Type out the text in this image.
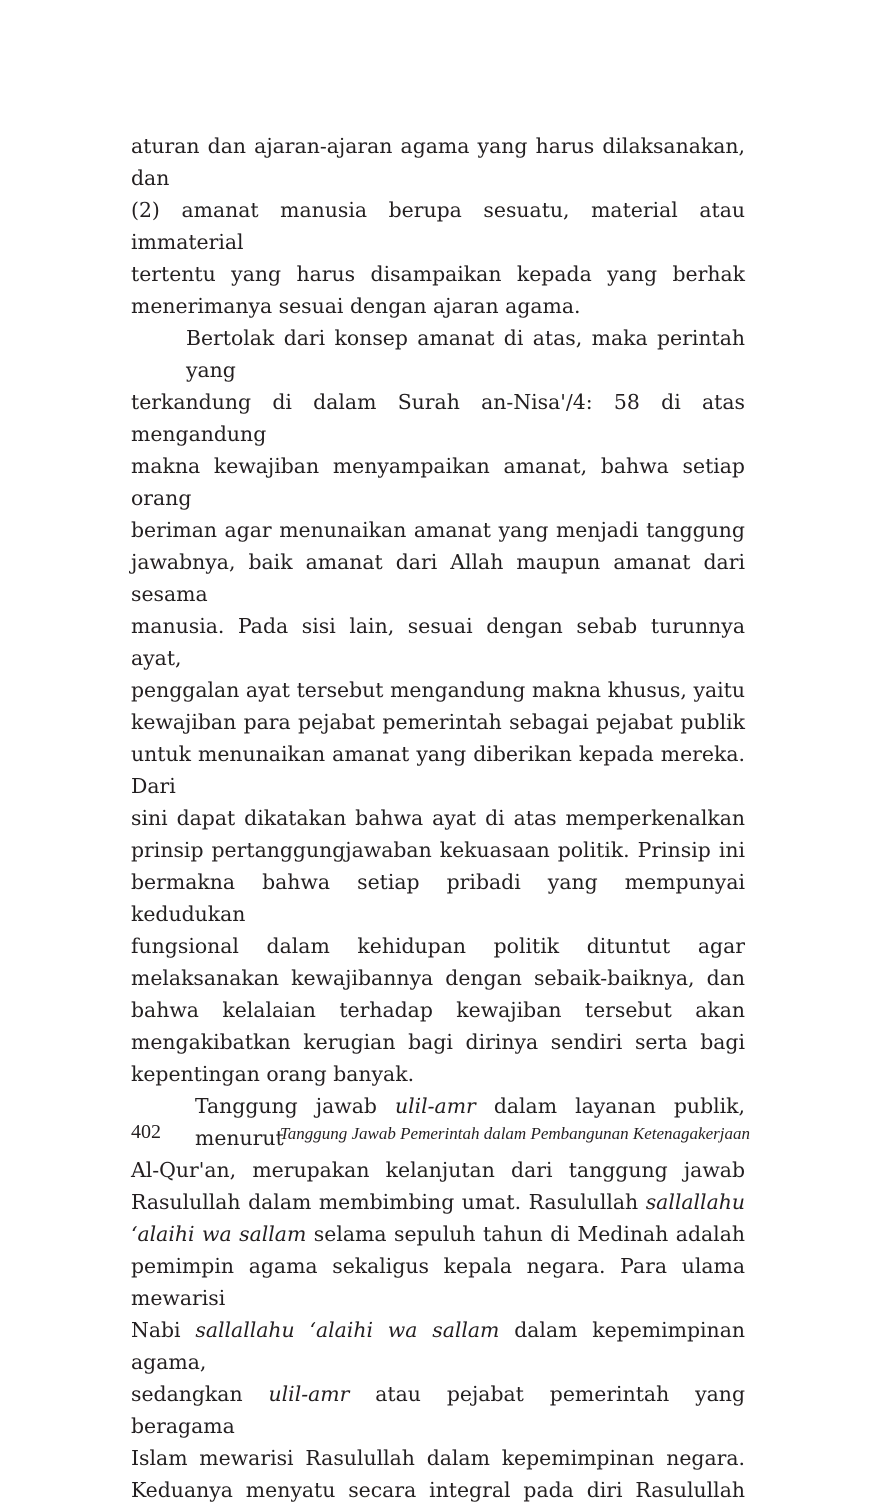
aturan dan ajaran-ajaran agama yang harus dilaksanakan, dan
(2) amanat manusia berupa sesuatu, material atau immaterial
tertentu yang harus disampaikan kepada yang berhak
menerimanya sesuai dengan ajaran agama.

Bertolak dari konsep amanat di atas, maka perintah yang
terkandung di dalam Surah an-Nisa'/4: 58 di atas mengandung
makna kewajiban menyampaikan amanat, bahwa setiap orang
beriman agar menunaikan amanat yang menjadi tanggung
jawabnya, baik amanat dari Allah maupun amanat dari sesama
manusia. Pada sisi lain, sesuai dengan sebab turunnya ayat,
penggalan ayat tersebut mengandung makna khusus, yaitu
kewajiban para pejabat pemerintah sebagai pejabat publik
untuk menunaikan amanat yang diberikan kepada mereka. Dari
sini dapat dikatakan bahwa ayat di atas memperkenalkan
prinsip pertanggungjawaban kekuasaan politik. Prinsip ini
bermakna bahwa setiap pribadi yang mempunyai kedudukan
fungsional dalam kehidupan politik dituntut agar
melaksanakan kewajibannya dengan sebaik-baiknya, dan
bahwa kelalaian terhadap kewajiban tersebut akan
mengakibatkan kerugian bagi dirinya sendiri serta bagi
kepentingan orang banyak.

Tanggung jawab ulil-amr dalam layanan publik, menurut
Al-Qur'an, merupakan kelanjutan dari tanggung jawab
Rasulullah dalam membimbing umat. Rasulullah sallallahu
‘alaihi wa sallam selama sepuluh tahun di Medinah adalah
pemimpin agama sekaligus kepala negara. Para ulama mewarisi
Nabi sallallahu ‘alaihi wa sallam dalam kepemimpinan agama,
sedangkan ulil-amr atau pejabat pemerintah yang beragama
Islam mewarisi Rasulullah dalam kepemimpinan negara.
Keduanya menyatu secara integral pada diri Rasulullah

402	Tanggung Jawab Pemerintah dalam Pembangunan Ketenagakerjaan
